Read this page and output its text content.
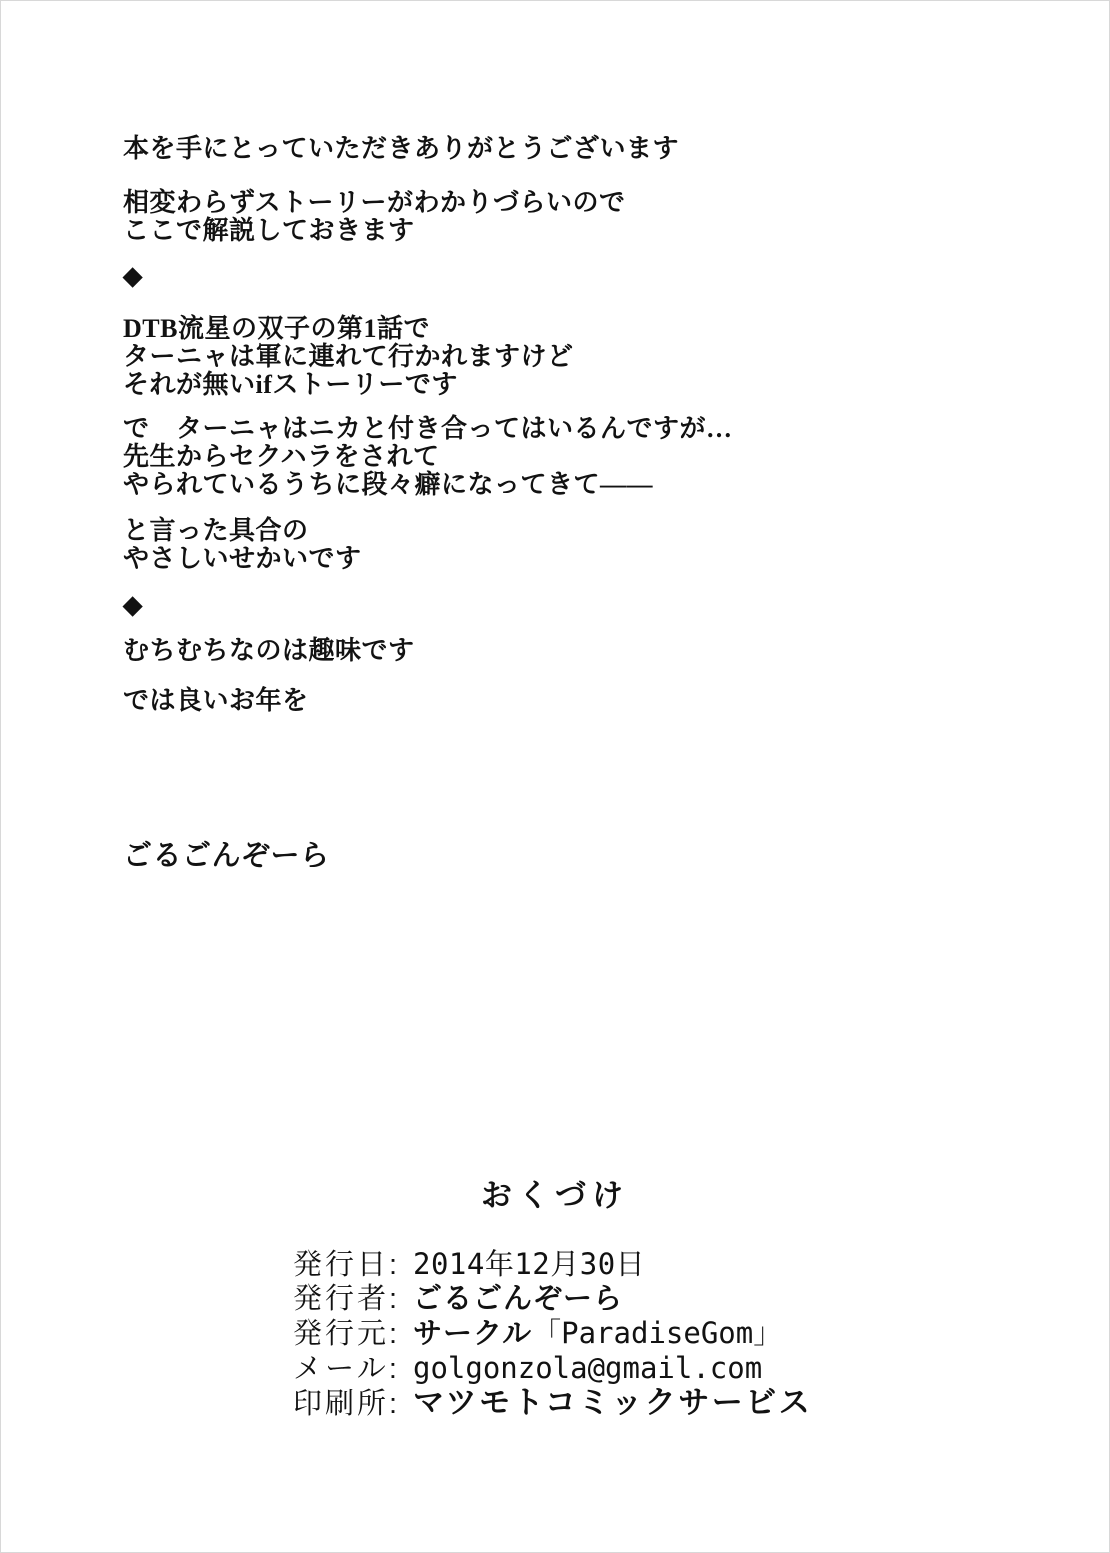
本を手にとっていただきありがとうございます
相変わらずストーリーがわかりづらいので
ここで解説しておきます
◆
DTB流星の双子の第1話で
ターニャは軍に連れて行かれますけど
それが無いifストーリーです
で　ターニャはニカと付き合ってはいるんですが…
先生からセクハラをされて
やられているうちに段々癖になってきて――
と言った具合の
やさしいせかいです
◆
むちむちなのは趣味です
では良いお年を
ごるごんぞーら
おくづけ
発行日: 2014年12月30日
発行者: ごるごんぞーら
発行元: サークル「ParadiseGom」
メール: golgonzola@gmail.com
印刷所: マツモトコミックサービス
